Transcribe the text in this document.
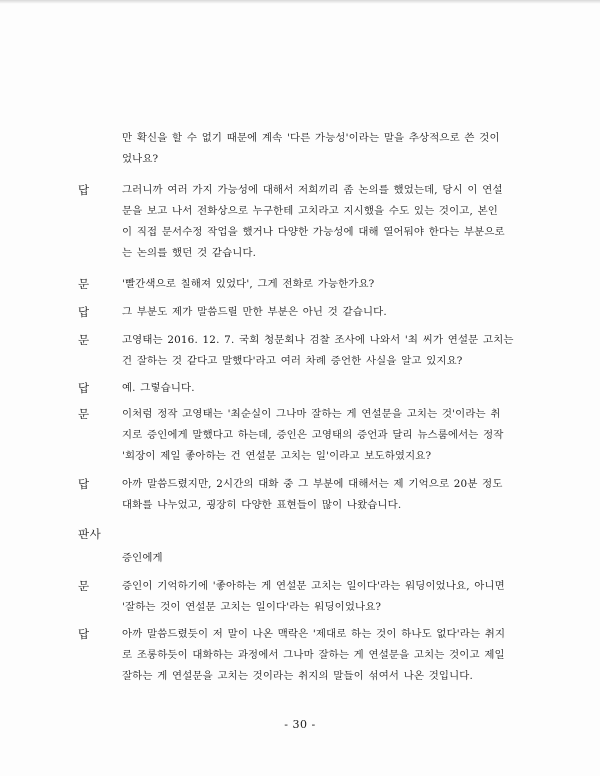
만 확신을 할 수 없기 때문에 계속 '다른 가능성'이라는 말을 추상적으로 쓴 것이
었나요?
답	그러니까 여러 가지 가능성에 대해서 저희끼리 좀 논의를 했었는데, 당시 이 연설
문을 보고 나서 전화상으로 누구한테 고치라고 지시했을 수도 있는 것이고, 본인
이 직접 문서수정 작업을 했거나 다양한 가능성에 대해 열어둬야 한다는 부분으로
는 논의를 했던 것 같습니다.
문	'빨간색으로 칠해져 있었다', 그게 전화로 가능한가요?
답	그 부분도 제가 말씀드릴 만한 부분은 아닌 것 같습니다.
문	고영태는 2016. 12. 7. 국회 청문회나 검찰 조사에 나와서 '최 씨가 연설문 고치는
건 잘하는 것 같다고 말했다'라고 여러 차례 증언한 사실을 알고 있지요?
답	예. 그렇습니다.
문	이처럼 정작 고영태는 '최순실이 그나마 잘하는 게 연설문을 고치는 것'이라는 취
지로 증인에게 말했다고 하는데, 증인은 고영태의 증언과 달리 뉴스룸에서는 정작
'회장이 제일 좋아하는 건 연설문 고치는 일'이라고 보도하였지요?
답	아까 말씀드렸지만, 2시간의 대화 중 그 부분에 대해서는 제 기억으로 20분 정도
대화를 나누었고, 굉장히 다양한 표현들이 많이 나왔습니다.
판사
증인에게
문	증인이 기억하기에 '좋아하는 게 연설문 고치는 일이다'라는 워딩이었나요, 아니면
'잘하는 것이 연설문 고치는 일이다'라는 워딩이었나요?
답	아까 말씀드렸듯이 저 말이 나온 맥락은 '제대로 하는 것이 하나도 없다'라는 취지
로 조롱하듯이 대화하는 과정에서 그나마 잘하는 게 연설문을 고치는 것이고 제일
잘하는 게 연설문을 고치는 것이라는 취지의 말들이 섞여서 나온 것입니다.
- 30 -
